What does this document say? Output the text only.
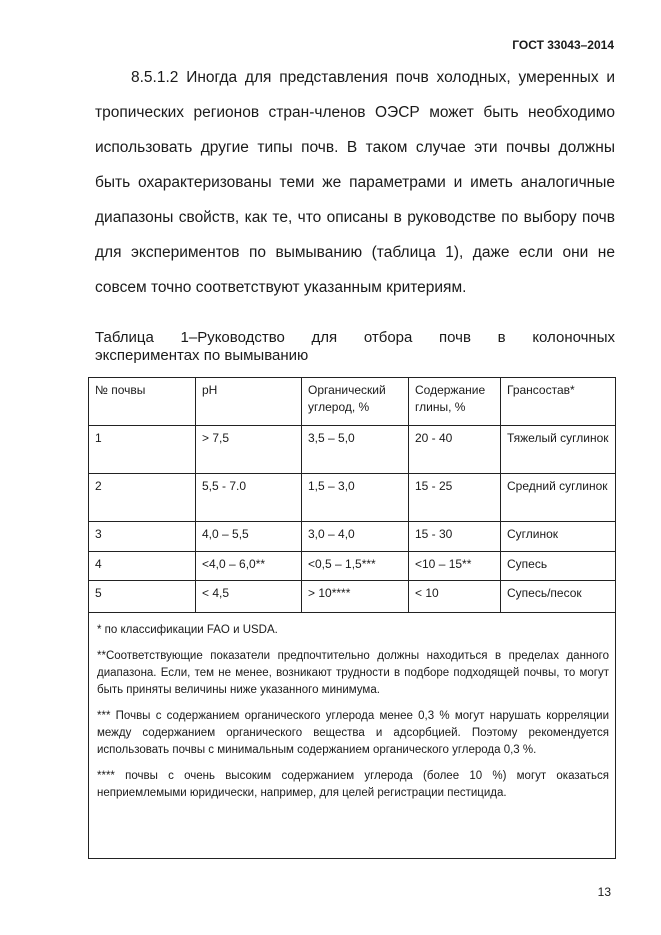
ГОСТ 33043–2014
8.5.1.2 Иногда для представления почв холодных, умеренных и тропических регионов стран-членов ОЭСР может быть необходимо использовать другие типы почв. В таком случае эти почвы должны быть охарактеризованы теми же параметрами и иметь аналогичные диапазоны свойств, как те, что описаны в руководстве по выбору почв для экспериментов по вымыванию (таблица 1), даже если они не совсем точно соответствуют указанным критериям.
Таблица 1–Руководство для отбора почв в колоночных
экспериментах по вымыванию
№ почвы	pH	Органический углерод, %	Содержание глины, %	Грансостав*
1	> 7,5	3,5 – 5,0	20 - 40	Тяжелый суглинок
2	5,5 - 7.0	1,5 – 3,0	15 - 25	Средний суглинок
3	4,0 – 5,5	3,0 – 4,0	15 - 30	Суглинок
4	<4,0 – 6,0**	<0,5 – 1,5***	<10 – 15**	Супесь
5	< 4,5	> 10****	< 10	Супесь/песок

* по классификации FAO и USDA.

**Соответствующие показатели предпочтительно должны находиться в пределах данного диапазона. Если, тем не менее, возникают трудности в подборе подходящей почвы, то могут быть приняты величины ниже указанного минимума.

*** Почвы с содержанием органического углерода менее 0,3 % могут нарушать корреляции между содержанием органического вещества и адсорбцией. Поэтому рекомендуется использовать почвы с минимальным содержанием органического углерода 0,3 %.

**** почвы с очень высоким содержанием углерода (более 10 %) могут оказаться неприемлемыми юридически, например, для целей регистрации пестицида.

13
